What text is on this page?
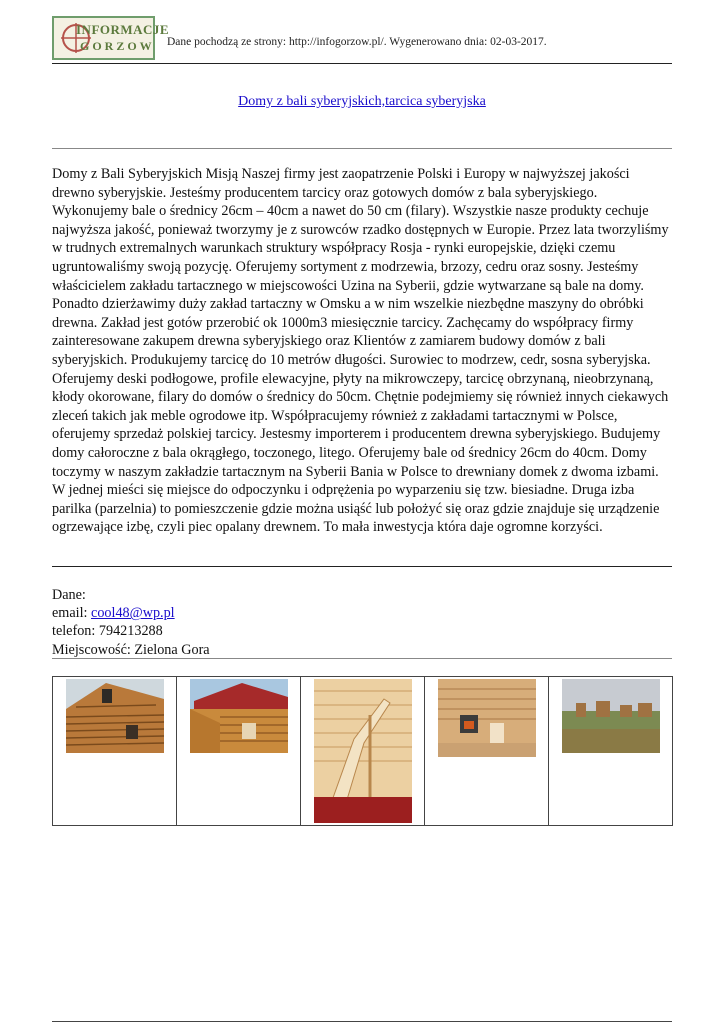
INFORMACJE
GORZOW Dane pochodzą ze strony: http://infogorzow.pl/. Wygenerowano dnia: 02-03-2017.
Domy z bali syberyjskich,tarcica syberyjska

Domy z Bali Syberyjskich Misją Naszej firmy jest zaopatrzenie Polski i Europy w najwyższej jakości drewno syberyjskie. Jesteśmy producentem tarcicy oraz gotowych domów z bala syberyjskiego. Wykonujemy bale o średnicy 26cm – 40cm a nawet do 50 cm (filary). Wszystkie nasze produkty cechuje najwyższa jakość, ponieważ tworzymy je z surowców rzadko dostępnych w Europie. Przez lata tworzyliśmy w trudnych extremalnych warunkach struktury współpracy Rosja - rynki europejskie, dzięki czemu ugruntowaliśmy swoją pozycję. Oferujemy sortyment z modrzewia, brzozy, cedru oraz sosny. Jesteśmy właścicielem zakładu tartacznego w miejscowości Uzina na Syberii, gdzie wytwarzane są bale na domy. Ponadto dzierżawimy duży zakład tartaczny w Omsku a w nim wszelkie niezbędne maszyny do obróbki drewna. Zakład jest gotów przerobić ok 1000m3 miesięcznie tarcicy. Zachęcamy do współpracy firmy zainteresowane zakupem drewna syberyjskiego oraz Klientów z zamiarem budowy domów z bali syberyjskich. Produkujemy tarcicę do 10 metrów długości. Surowiec to modrzew, cedr, sosna syberyjska. Oferujemy deski podłogowe, profile elewacyjne, płyty na mikrowczepy, tarcicę obrzynaną, nieobrzynaną, kłody okorowane, filary do domów o średnicy do 50cm. Chętnie podejmiemy się również innych ciekawych zleceń takich jak meble ogrodowe itp. Współpracujemy również z zakładami tartacznymi w Polsce, oferujemy sprzedaż polskiej tarcicy. Jestesmy importerem i producentem drewna syberyjskiego. Budujemy domy całoroczne z bala okrągłego, toczonego, litego. Oferujemy bale od średnicy 26cm do 40cm. Domy toczymy w naszym zakładzie tartacznym na Syberii Bania w Polsce to drewniany domek z dwoma izbami. W jednej mieści się miejsce do odpoczynku i odprężenia po wyparzeniu się tzw. biesiadne. Druga izba parilka (parzelnia) to pomieszczenie gdzie można usiąść lub położyć się oraz gdzie znajduje się urządzenie ogrzewające izbę, czyli piec opalany drewnem. To mała inwestycja która daje ogromne korzyści.

Dane:
email: cool48@wp.pl
telefon: 794213288
Miejscowość: Zielona Gora
